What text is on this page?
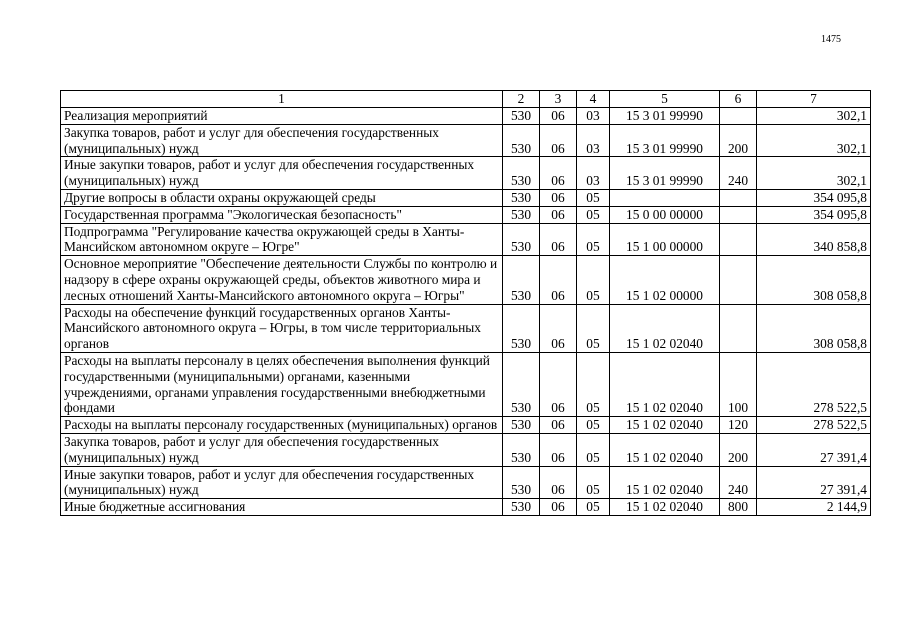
1475
1	2	3	4	5	6	7
Реализация мероприятий	530	06	03	15 3 01 99990		302,1
Закупка товаров, работ и услуг для обеспечения государственных (муниципальных) нужд	530	06	03	15 3 01 99990	200	302,1
Иные закупки товаров, работ и услуг для обеспечения государственных (муниципальных) нужд	530	06	03	15 3 01 99990	240	302,1
Другие вопросы в области охраны окружающей среды	530	06	05			354 095,8
Государственная программа "Экологическая безопасность"	530	06	05	15 0 00 00000		354 095,8
Подпрограмма "Регулирование качества окружающей среды в Ханты-Мансийском автономном округе – Югре"	530	06	05	15 1 00 00000		340 858,8
Основное мероприятие "Обеспечение деятельности Службы по контролю и надзору в сфере охраны окружающей среды, объектов животного мира и лесных отношений Ханты-Мансийского автономного округа – Югры"	530	06	05	15 1 02 00000		308 058,8
Расходы на обеспечение функций государственных органов Ханты-Мансийского автономного округа – Югры, в том числе территориальных органов	530	06	05	15 1 02 02040		308 058,8
Расходы на выплаты персоналу в целях обеспечения выполнения функций государственными (муниципальными) органами, казенными учреждениями, органами управления государственными внебюджетными фондами	530	06	05	15 1 02 02040	100	278 522,5
Расходы на выплаты персоналу государственных (муниципальных) органов	530	06	05	15 1 02 02040	120	278 522,5
Закупка товаров, работ и услуг для обеспечения государственных (муниципальных) нужд	530	06	05	15 1 02 02040	200	27 391,4
Иные закупки товаров, работ и услуг для обеспечения государственных (муниципальных) нужд	530	06	05	15 1 02 02040	240	27 391,4
Иные бюджетные ассигнования	530	06	05	15 1 02 02040	800	2 144,9
